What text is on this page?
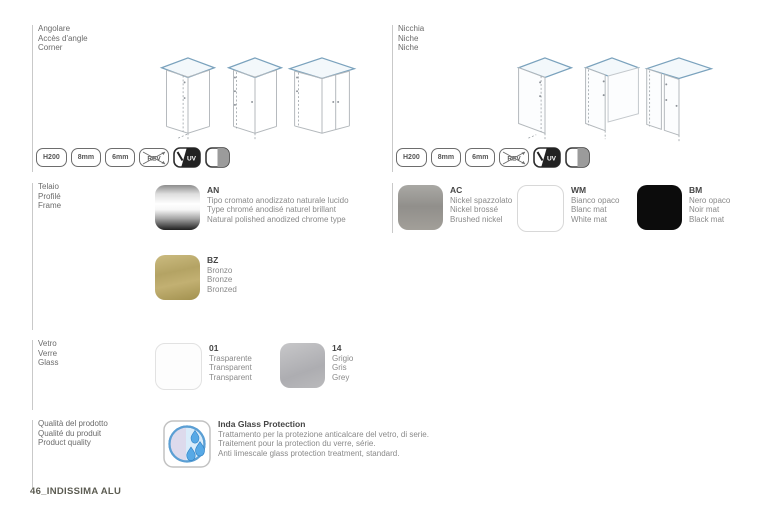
Angolare
Accès d'angle
Corner
H200	8mm	6mm	REV	UV
Nicchia
Niche
Niche
H200	8mm	6mm	REV	UV
Telaio
Profilé
Frame
AN
Tipo cromato anodizzato naturale lucido
Type chromé anodisé naturel brillant
Natural polished anodized chrome type
BZ
Bronzo
Bronze
Bronzed
AC
Nickel spazzolato
Nickel brossé
Brushed nickel
WM
Bianco opaco
Blanc mat
White mat
BM
Nero opaco
Noir mat
Black mat
Vetro
Verre
Glass
01
Trasparente
Transparent
Transparent
14
Grigio
Gris
Grey
Qualità del prodotto
Qualité du produit
Product quality
Inda Glass Protection
Trattamento per la protezione anticalcare del vetro, di serie.
Traitement pour la protection du verre, série.
Anti limescale glass protection treatment, standard.
46_INDISSIMA ALU
